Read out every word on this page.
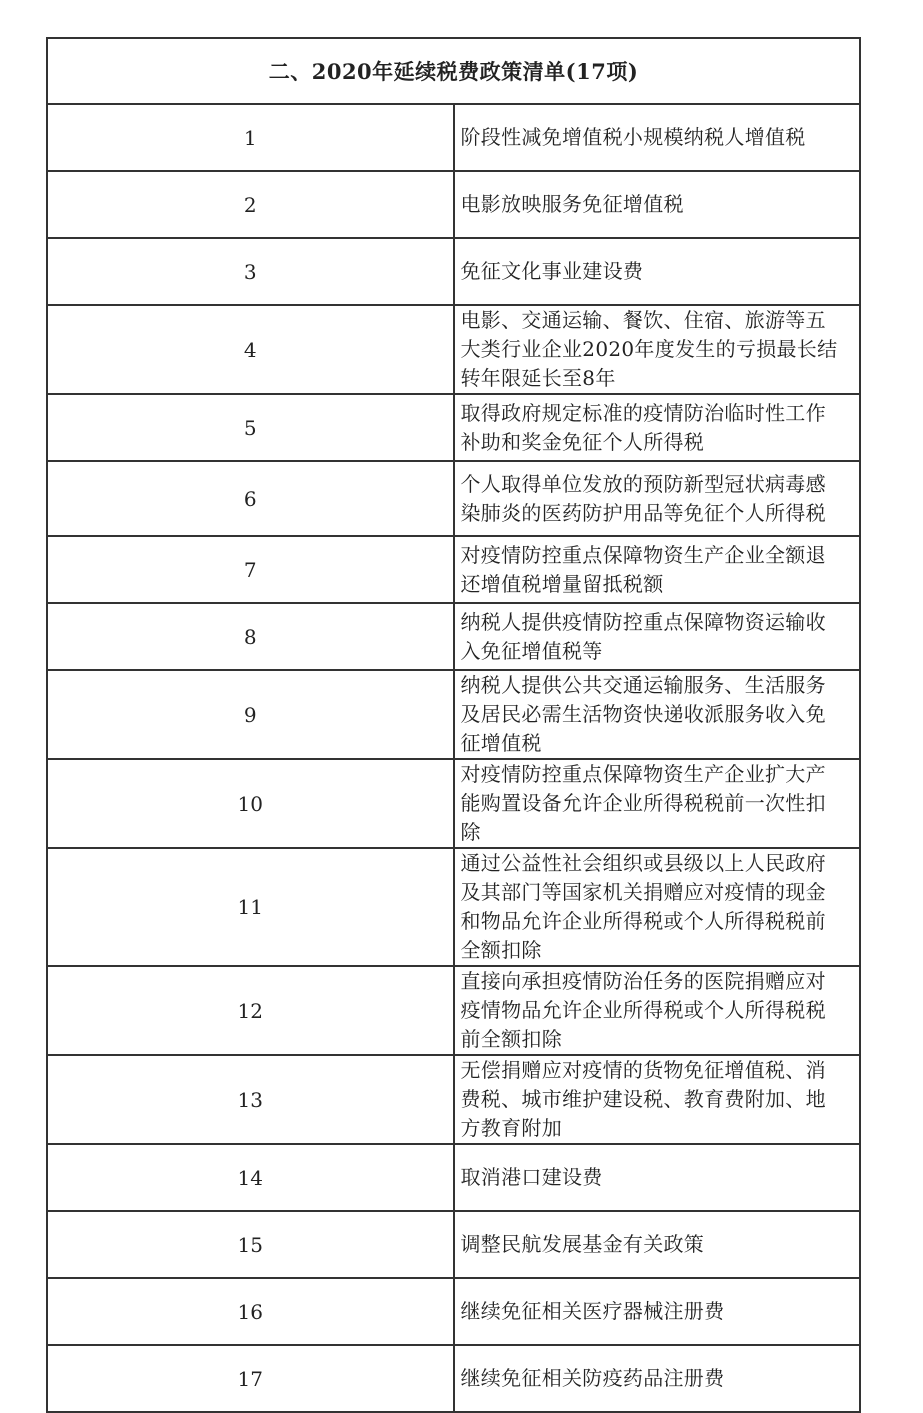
二、2020年延续税费政策清单(17项)	
1	阶段性减免增值税小规模纳税人增值税
2	电影放映服务免征增值税
3	免征文化事业建设费
4	电影、交通运输、餐饮、住宿、旅游等五大类行业企业2020年度发生的亏损最长结转年限延长至8年
5	取得政府规定标准的疫情防治临时性工作补助和奖金免征个人所得税
6	个人取得单位发放的预防新型冠状病毒感染肺炎的医药防护用品等免征个人所得税
7	对疫情防控重点保障物资生产企业全额退还增值税增量留抵税额
8	纳税人提供疫情防控重点保障物资运输收入免征增值税等
9	纳税人提供公共交通运输服务、生活服务及居民必需生活物资快递收派服务收入免征增值税
10	对疫情防控重点保障物资生产企业扩大产能购置设备允许企业所得税税前一次性扣除
11	通过公益性社会组织或县级以上人民政府及其部门等国家机关捐赠应对疫情的现金和物品允许企业所得税或个人所得税税前全额扣除
12	直接向承担疫情防治任务的医院捐赠应对疫情物品允许企业所得税或个人所得税税前全额扣除
13	无偿捐赠应对疫情的货物免征增值税、消费税、城市维护建设税、教育费附加、地方教育附加
14	取消港口建设费
15	调整民航发展基金有关政策
16	继续免征相关医疗器械注册费
17	继续免征相关防疫药品注册费
